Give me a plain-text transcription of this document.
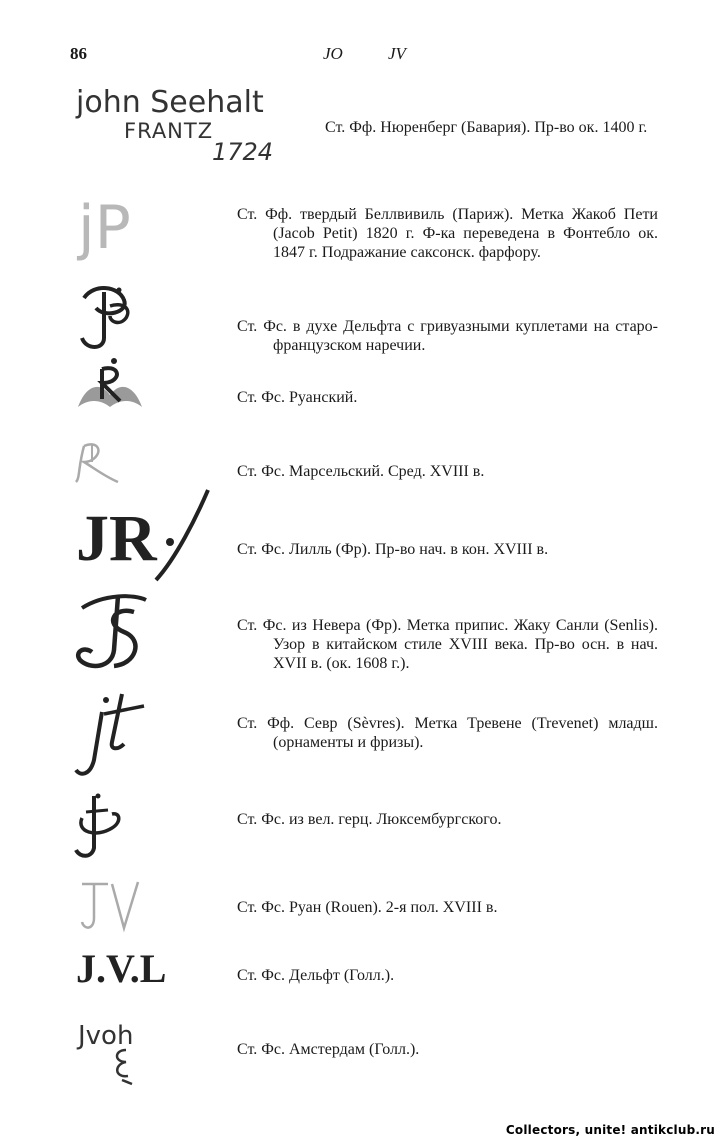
86	JO	JV
john Seehalt
FRANTZ
1724
Ст. Фф. Нюренберг (Бавария). Пр-во ок. 1400 г.
jP	Ст. Фф. твердый Беллвивиль (Париж). Метка Жакоб Пети (Jacob Petit) 1820 г. Ф-ка переведена в Фонтебло ок. 1847 г. Подражание саксонск. фарфору.
Ст. Фс. в духе Дельфта с гривуазными куплетами на старо-французском наречии.
Ст. Фс. Руанский.
Ст. Фс. Марсельский. Сред. XVIII в.
JR	Ст. Фс. Лилль (Фр). Пр-во нач. в кон. XVIII в.
Ст. Фс. из Невера (Фр). Метка припис. Жаку Санли (Senlis). Узор в китайском стиле XVIII века. Пр-во осн. в нач. XVII в. (ок. 1608 г.).
Ст. Фф. Севр (Sèvres). Метка Тревене (Trevenet) младш. (орнаменты и фризы).
Ст. Фс. из вел. герц. Люксембургского.
Ст. Фс. Руан (Rouen). 2-я пол. XVIII в.
J.V.L	Ст. Фс. Дельфт (Голл.).
Jvoh	Ст. Фс. Амстердам (Голл.).
Collectors, unite! antikclub.ru
